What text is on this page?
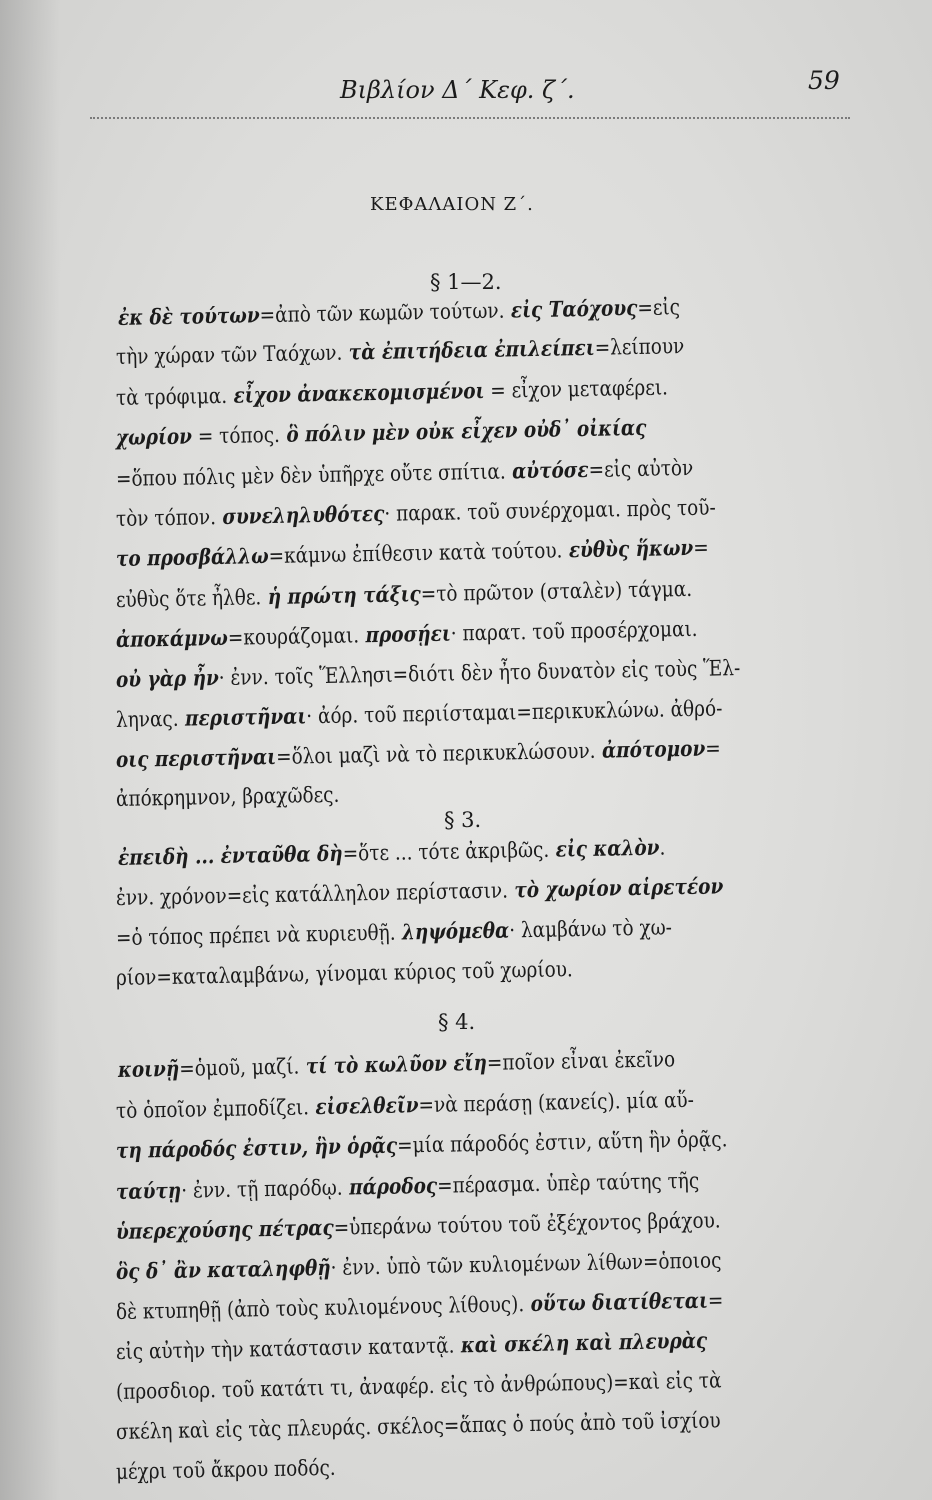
Βιβλίον Δ΄ Κεφ. ζ΄.	59
ΚΕΦΑΛΑΙΟΝ Ζ΄.
§ 1—2.
ἐκ δὲ τούτων=ἀπὸ τῶν κωμῶν τούτων. εἰς Ταόχους=εἰς
τὴν χώραν τῶν Ταόχων. τὰ ἐπιτήδεια ἐπιλείπει=λείπουν
τὰ τρόφιμα. εἶχον ἀνακεκομισμένοι = εἶχον μεταφέρει.
χωρίον = τόπος. ὃ πόλιν μὲν οὐκ εἶχεν οὐδ᾽ οἰκίας
=ὅπου πόλις μὲν δὲν ὑπῆρχε οὔτε σπίτια. αὐτόσε=εἰς αὐτὸν
τὸν τόπον. συνεληλυθότες· παρακ. τοῦ συνέρχομαι. πρὸς τοῦ-
το προσβάλλω=κάμνω ἐπίθεσιν κατὰ τούτου. εὐθὺς ἥκων=
εὐθὺς ὅτε ἦλθε. ἡ πρώτη τάξις=τὸ πρῶτον (σταλὲν) τάγμα.
ἀποκάμνω=κουράζομαι. προσῄει· παρατ. τοῦ προσέρχομαι.
οὐ γὰρ ἦν· ἐνν. τοῖς Ἕλλησι=διότι δὲν ἦτο δυνατὸν εἰς τοὺς Ἕλ-
ληνας. περιστῆναι· ἀόρ. τοῦ περιίσταμαι=περικυκλώνω. ἀθρό-
οις περιστῆναι=ὅλοι μαζὶ νὰ τὸ περικυκλώσουν. ἀπότομον=
ἀπόκρημνον, βραχῶδες.
§ 3.
ἐπειδὴ ... ἐνταῦθα δὴ=ὅτε ... τότε ἀκριβῶς. εἰς καλὸν.
ἐνν. χρόνον=εἰς κατάλληλον περίστασιν. τὸ χωρίον αἱρετέον
=ὁ τόπος πρέπει νὰ κυριευθῇ. ληψόμεθα· λαμβάνω τὸ χω-
ρίον=καταλαμβάνω, γίνομαι κύριος τοῦ χωρίου.
§ 4.
κοινῇ=ὁμοῦ, μαζί. τί τὸ κωλῦον εἴη=ποῖον εἶναι ἐκεῖνο
τὸ ὁποῖον ἐμποδίζει. εἰσελθεῖν=νὰ περάσῃ (κανείς). μία αὕ-
τη πάροδός ἐστιν, ἣν ὁρᾷς=μία πάροδός ἐστιν, αὕτη ἣν ὁρᾷς.
ταύτῃ· ἐνν. τῇ παρόδῳ. πάροδος=πέρασμα. ὑπὲρ ταύτης τῆς
ὑπερεχούσης πέτρας=ὑπεράνω τούτου τοῦ ἐξέχοντος βράχου.
ὃς δ᾽ ἂν καταληφθῇ· ἐνν. ὑπὸ τῶν κυλιομένων λίθων=ὁποιος
δὲ κτυπηθῇ (ἀπὸ τοὺς κυλιομένους λίθους). οὕτω διατίθεται=
εἰς αὐτὴν τὴν κατάστασιν καταντᾷ. καὶ σκέλη καὶ πλευρὰς
(προσδιορ. τοῦ κατάτι τι, ἀναφέρ. εἰς τὸ ἀνθρώπους)=καὶ εἰς τὰ
σκέλη καὶ εἰς τὰς πλευράς. σκέλος=ἅπας ὁ πούς ἀπὸ τοῦ ἰσχίου
μέχρι τοῦ ἄκρου ποδός.
